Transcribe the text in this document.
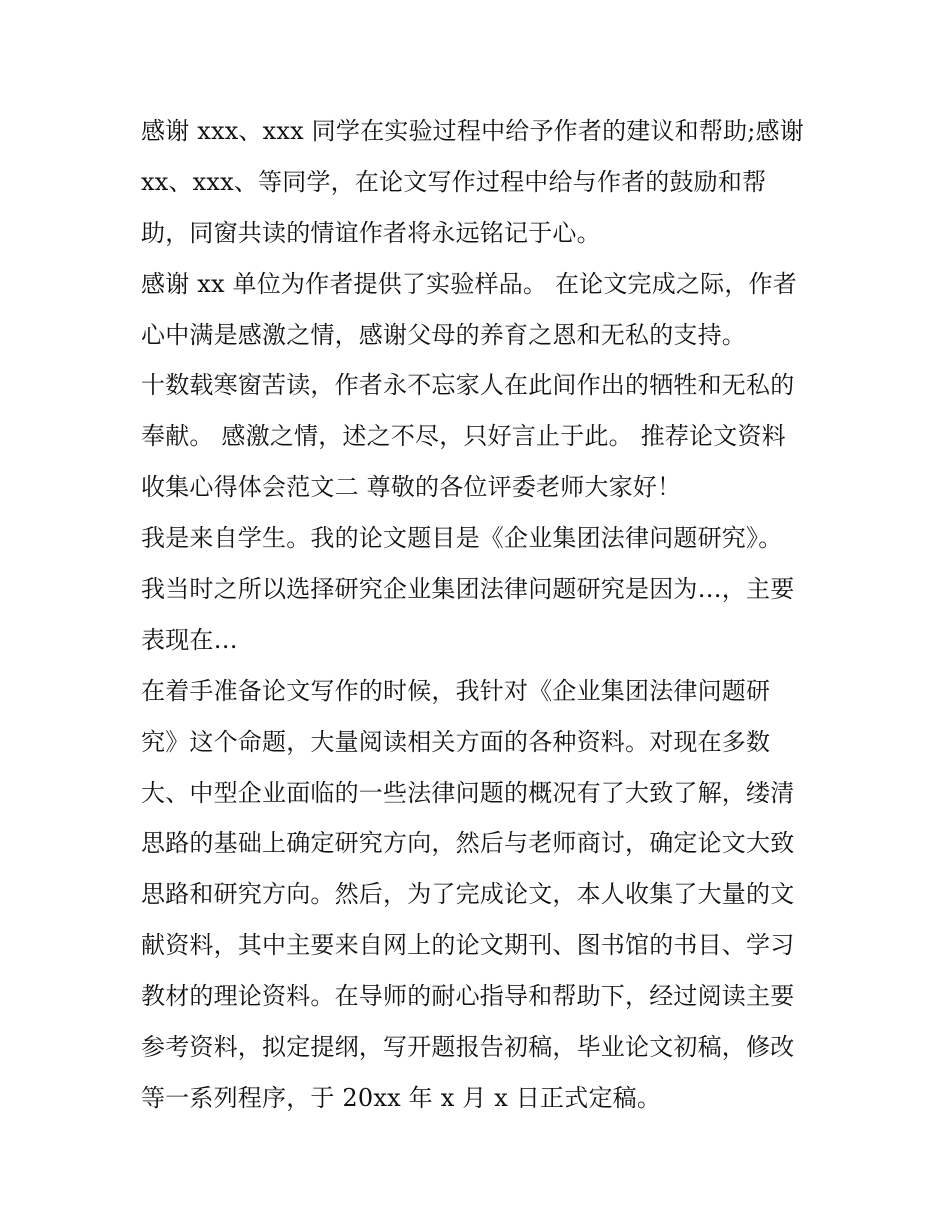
感谢 xxx、xxx 同学在实验过程中给予作者的建议和帮助;感谢
xx、xxx、等同学，在论文写作过程中给与作者的鼓励和帮
助，同窗共读的情谊作者将永远铭记于心。
感谢 xx 单位为作者提供了实验样品。 在论文完成之际，作者
心中满是感激之情，感谢父母的养育之恩和无私的支持。
十数载寒窗苦读，作者永不忘家人在此间作出的牺牲和无私的
奉献。 感激之情，述之不尽，只好言止于此。 推荐论文资料
收集心得体会范文二 尊敬的各位评委老师大家好！
我是来自学生。我的论文题目是《企业集团法律问题研究》。
我当时之所以选择研究企业集团法律问题研究是因为…，主要
表现在…
在着手准备论文写作的时候，我针对《企业集团法律问题研
究》这个命题，大量阅读相关方面的各种资料。对现在多数
大、中型企业面临的一些法律问题的概况有了大致了解，缕清
思路的基础上确定研究方向，然后与老师商讨，确定论文大致
思路和研究方向。然后，为了完成论文，本人收集了大量的文
献资料，其中主要来自网上的论文期刊、图书馆的书目、学习
教材的理论资料。在导师的耐心指导和帮助下，经过阅读主要
参考资料，拟定提纲，写开题报告初稿，毕业论文初稿，修改
等一系列程序，于 20xx 年 x 月 x 日正式定稿。
